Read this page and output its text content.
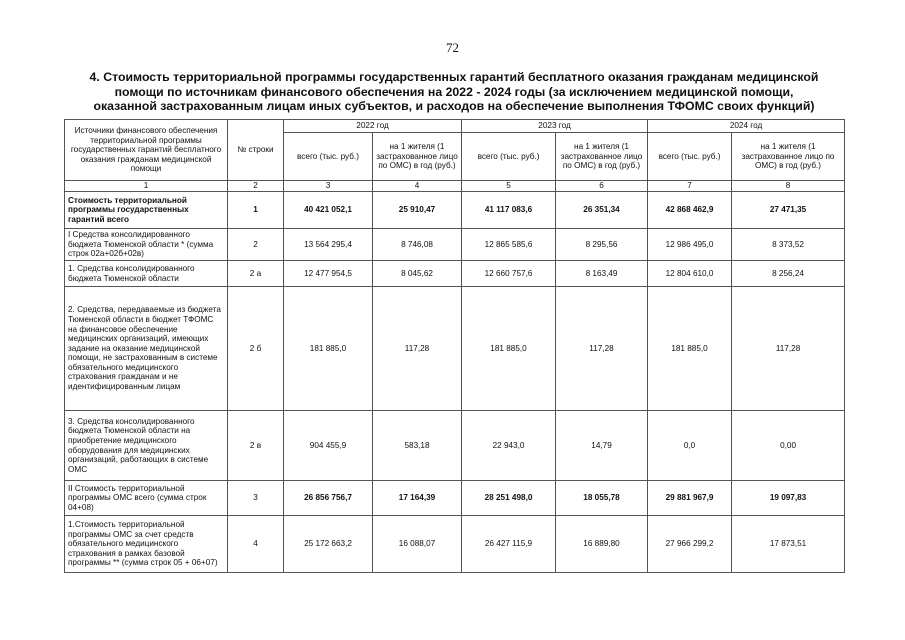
72
4. Стоимость территориальной программы государственных гарантий бесплатного оказания гражданам медицинской
помощи по источникам финансового обеспечения на 2022 - 2024 годы (за исключением медицинской помощи,
оказанной застрахованным лицам иных субъектов, и расходов на обеспечение выполнения ТФОМС своих функций)
Источники финансового обеспечения территориальной программы государственных гарантий бесплатного оказания гражданам медицинской помощи	№ строки	2022 год		2023 год		2024 год	
		всего (тыс. руб.)	на 1 жителя (1 застрахованное лицо по ОМС) в год (руб.)	всего (тыс. руб.)	на 1 жителя (1 застрахованное лицо по ОМС) в год (руб.)	всего (тыс. руб.)	на 1 жителя (1 застрахованное лицо по ОМС) в год (руб.)
1	2	3	4	5	6	7	8
Стоимость территориальной программы государственных гарантий всего	1	40 421 052,1	25 910,47	41 117 083,6	26 351,34	42 868 462,9	27 471,35
I Средства консолидированного бюджета Тюменской области * (сумма строк 02а+02б+02в)	2	13 564 295,4	8 746,08	12 865 585,6	8 295,56	12 986 495,0	8 373,52
1. Средства консолидированного бюджета Тюменской области	2 а	12 477 954,5	8 045,62	12 660 757,6	8 163,49	12 804 610,0	8 256,24
2. Средства, передаваемые из бюджета Тюменской области в бюджет ТФОМС на финансовое обеспечение медицинских организаций, имеющих задание на оказание медицинской помощи, не застрахованным в системе обязательного медицинского страхования гражданам и не идентифицированным лицам	2 б	181 885,0	117,28	181 885,0	117,28	181 885,0	117,28
3. Средства консолидированного бюджета Тюменской области на приобретение медицинского оборудования для медицинских организаций, работающих в системе ОМС	2 в	904 455,9	583,18	22 943,0	14,79	0,0	0,00
II Стоимость территориальной программы ОМС всего (сумма строк 04+08)	3	26 856 756,7	17 164,39	28 251 498,0	18 055,78	29 881 967,9	19 097,83
1.Стоимость территориальной программы ОМС за счет средств обязательного медицинского страхования в рамках базовой программы ** (сумма строк 05 + 06+07)	4	25 172 663,2	16 088,07	26 427 115,9	16 889,80	27 966 299,2	17 873,51
